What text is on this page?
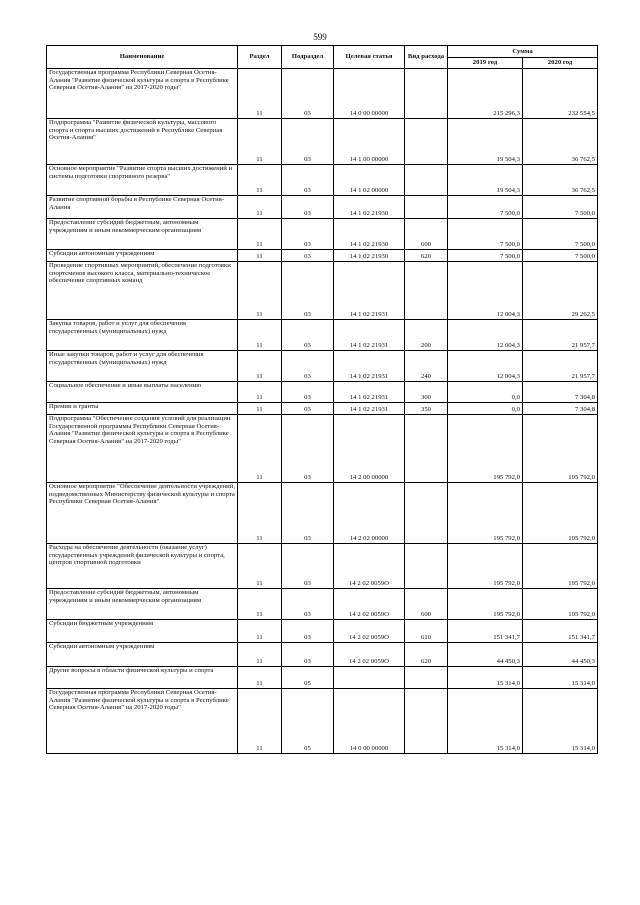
599
Наименование	Раздел	Подраздел	Целевая статья	Вид расхода	Сумма	
					2019 год	2020 год
Государственная программа Республики Северная Осетия-Алания "Развитие физической культуры и спорта в Республике Северная Осетия-Алания" на 2017-2020 годы"	11	03	14 0 00 00000		215 296,3	232 554,5
Подпрограмма "Развитие физической культуры, массового спорта и спорта высших достижений в Республике Северная Осетия-Алания"	11	03	14 1 00 00000		19 504,3	36 762,5
Основное мероприятие "Развитие спорта высших достижений и системы подготовки спортивного резерва"	11	03	14 1 02 00000		19 504,3	36 762,5
Развитие спортивной борьбы в Республике Северная Осетия-Алания	11	03	14 1 02 21930		7 500,0	7 500,0
Предоставление субсидий бюджетным, автономным учреждениям и иным некоммерческим организациям	11	03	14 1 02 21930	600	7 500,0	7 500,0
Субсидии автономным учреждениям	11	03	14 1 02 21930	620	7 500,0	7 500,0
Проведение спортивных мероприятий, обеспечение подготовки спортсменов высокого класса, материально-техническое обеспечение спортивных команд	11	03	14 1 02 21931		12 004,3	29 262,5
Закупка товаров, работ и услуг для обеспечения государственных (муниципальных) нужд	11	03	14 1 02 21931	200	12 004,3	21 957,7
Иные закупки товаров, работ и услуг для обеспечения государственных (муниципальных) нужд	11	03	14 1 02 21931	240	12 004,3	21 957,7
Социальное обеспечение и иные выплаты населению	11	03	14 1 02 21931	300	0,0	7 304,8
Премии и гранты	11	03	14 1 02 21931	350	0,0	7 304,8
Подпрограмма "Обеспечение создания условий для реализации Государственной программы Республики Северная Осетия-Алания "Развитие физической культуры и спорта в Республике Северная Осетия-Алания" на 2017-2020 годы"	11	03	14 2 00 00000		195 792,0	195 792,0
Основное мероприятие "Обеспечение деятельности учреждений, подведомственных Министерству физической культуры и спорта Республики Северная Осетия-Алания"	11	03	14 2 02 00000		195 792,0	195 792,0
Расходы на обеспечение деятельности (оказание услуг) государственных учреждений физической культуры и спорта, центров спортивной подготовки	11	03	14 2 02 0059О		195 792,0	195 792,0
Предоставление субсидий бюджетным, автономным учреждениям и иным некоммерческим организациям	11	03	14 2 02 0059О	600	195 792,0	195 792,0
Субсидии бюджетным учреждениям	11	03	14 2 02 0059О	610	151 341,7	151 341,7
Субсидии автономным учреждениям	11	03	14 2 02 0059О	620	44 450,3	44 450,3
Другие вопросы в области физической культуры и спорта	11	05			15 314,0	15 314,0
Государственная программа Республики Северная Осетия-Алания "Развитие физической культуры и спорта в Республике Северная Осетия-Алания" на 2017-2020 годы"	11	05	14 0 00 00000		15 314,0	15 314,0
